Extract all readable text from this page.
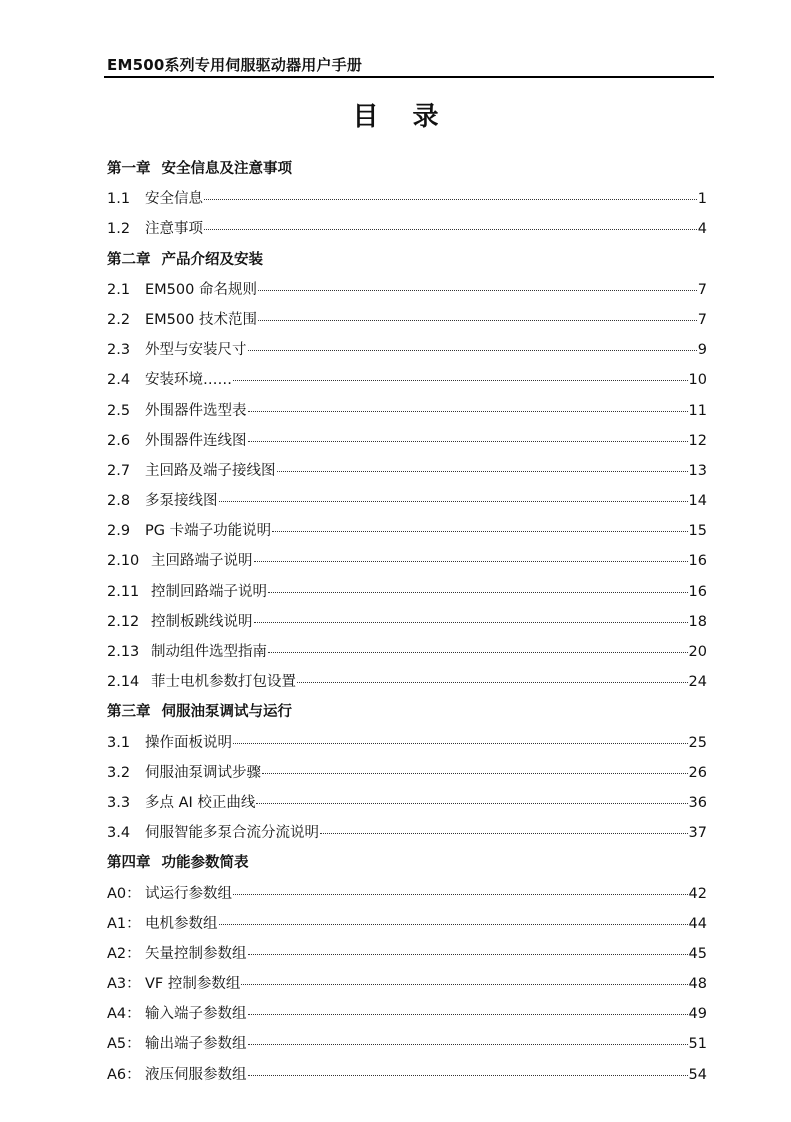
EM500系列专用伺服驱动器用户手册
目 录
第一章 安全信息及注意事项
1.1	安全信息	1
1.2	注意事项	4
第二章 产品介绍及安装
2.1	EM500 命名规则	7
2.2	EM500 技术范围	7
2.3	外型与安装尺寸	9
2.4	安装环境……	10
2.5	外围器件选型表	11
2.6	外围器件连线图	12
2.7	主回路及端子接线图	13
2.8	多泵接线图	14
2.9	PG 卡端子功能说明	15
2.10 主回路端子说明	16
2.11 控制回路端子说明	16
2.12 控制板跳线说明	18
2.13 制动组件选型指南	20
2.14 菲士电机参数打包设置	24
第三章 伺服油泵调试与运行
3.1	操作面板说明	25
3.2	伺服油泵调试步骤	26
3.3	多点 AI 校正曲线	36
3.4	伺服智能多泵合流分流说明	37
第四章 功能参数简表
A0： 试运行参数组	42
A1： 电机参数组	44
A2： 矢量控制参数组	45
A3： VF 控制参数组	48
A4： 输入端子参数组	49
A5： 输出端子参数组	51
A6： 液压伺服参数组	54
